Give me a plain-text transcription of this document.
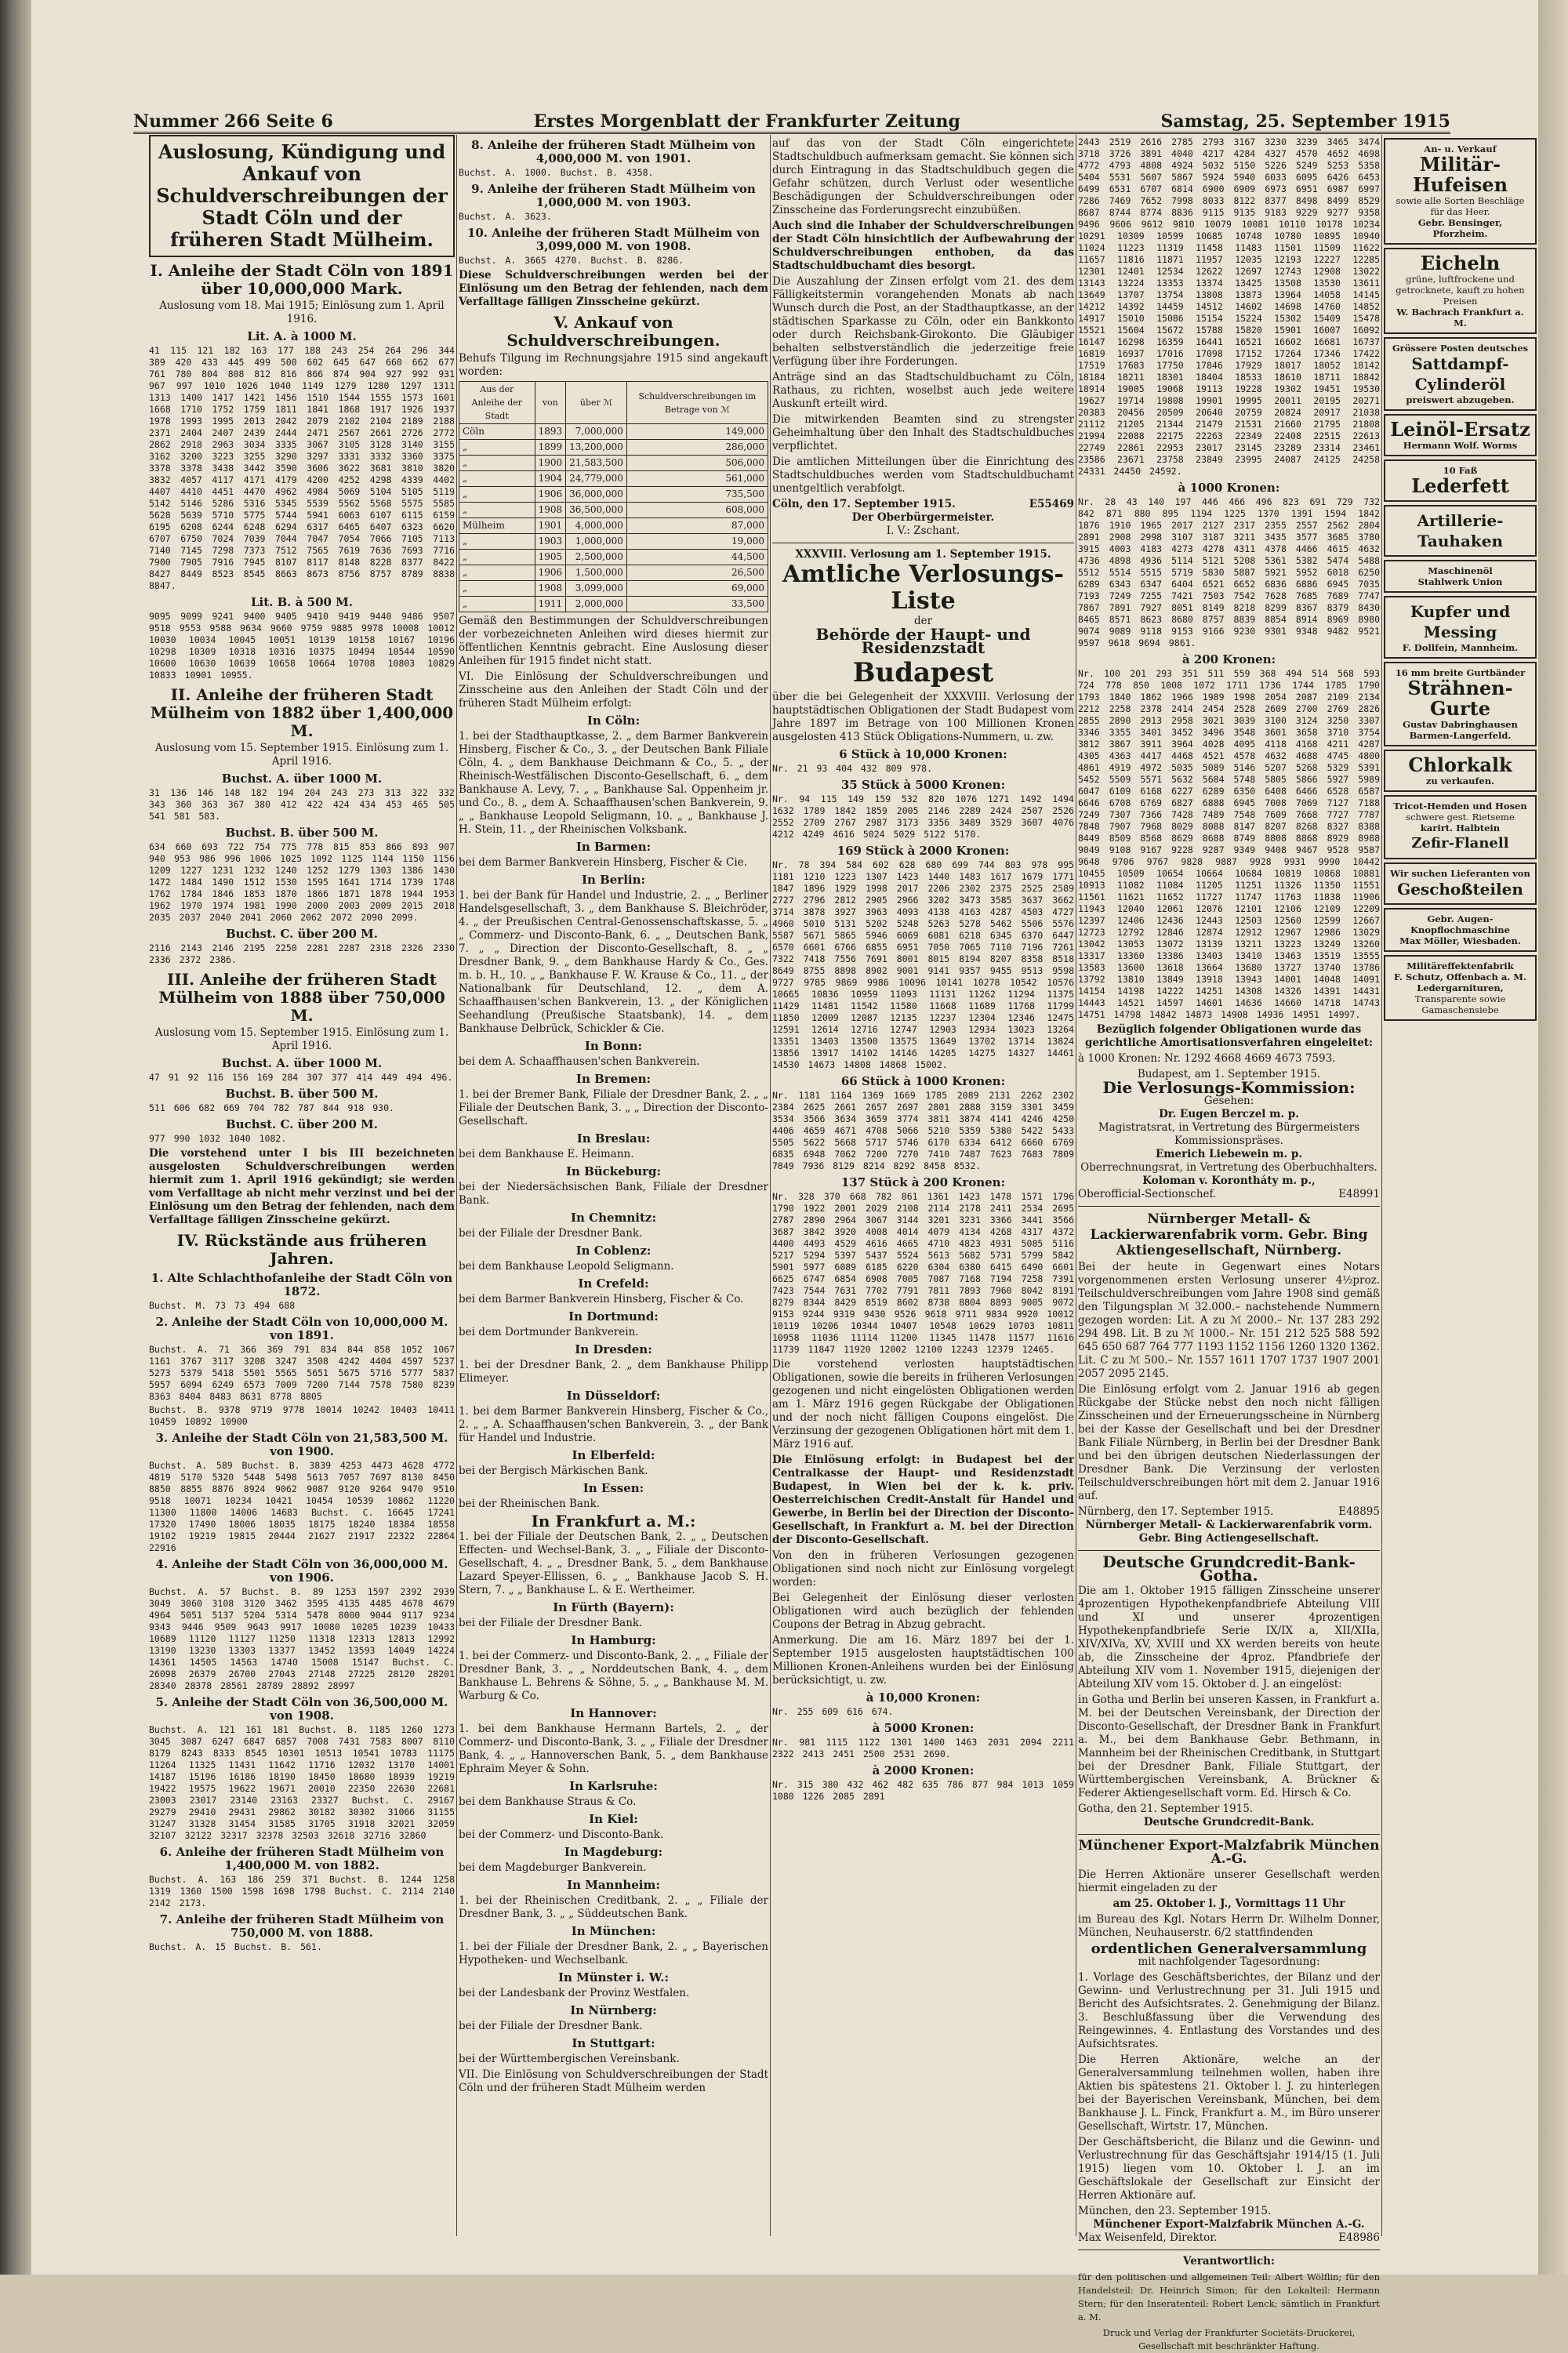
Nummer 266 Seite 6	Erstes Morgenblatt der Frankfurter Zeitung	Samstag, 25. September 1915
Auslosung, Kündigung und Ankauf von Schuldverschreibungen der Stadt Cöln und der früheren Stadt Mülheim.
I. Anleihe der Stadt Cöln von 1891 über 10,000,000 Mark.
Auslosung vom 18. Mai 1915; Einlösung zum 1. April 1916.
Lit. A. à 1000 M.
41 115 121 182 163 177 188 243 254 264 296 344 389 420 433 445 499 500 602 645 647 660 662 677 761 780 804 808 812 816 866 874 904 927 992 931 967 997 1010 1026 1040 1149 1279 1280 1297 1311 1313 1400 1417 1421 1456 1510 1544 1555 1573 1601 1668 1710 1752 1759 1811 1841 1868 1917 1926 1937 1978 1993 1995 2013 2042 2079 2102 2104 2189 2188 2371 2404 2407 2439 2444 2471 2567 2661 2726 2772 2862 2918 2963 3034 3335 3067 3105 3128 3140 3155 3162 3200 3223 3255 3290 3297 3331 3332 3360 3375 3378 3378 3438 3442 3590 3606 3622 3681 3810 3820 3832 4057 4117 4171 4179 4200 4252 4298 4339 4402 4407 4410 4451 4470 4962 4984 5069 5104 5105 5119 5142 5146 5286 5316 5345 5539 5562 5568 5575 5585 5628 5639 5710 5775 5744 5941 6063 6107 6115 6159 6195 6208 6244 6248 6294 6317 6465 6407 6323 6620 6707 6750 7024 7039 7044 7047 7054 7066 7105 7113 7140 7145 7298 7373 7512 7565 7619 7636 7693 7716 7900 7905 7916 7945 8107 8117 8148 8228 8377 8422 8427 8449 8523 8545 8663 8673 8756 8757 8789 8838 8847.
Lit. B. à 500 M.
9095 9099 9241 9400 9405 9410 9419 9440 9486 9507 9518 9553 9588 9634 9660 9759 9885 9978 10008 10012 10030 10034 10045 10051 10139 10158 10167 10196 10298 10309 10318 10316 10375 10494 10544 10590 10600 10630 10639 10658 10664 10708 10803 10829 10833 10901 10955.
II. Anleihe der früheren Stadt Mülheim von 1882 über 1,400,000 M.
Auslosung vom 15. September 1915. Einlösung zum 1. April 1916.
Buchst. A. über 1000 M.
31 136 146 148 182 194 204 243 273 313 322 332 343 360 363 367 380 412 422 424 434 453 465 505 541 581 583.
Buchst. B. über 500 M.
634 660 693 722 754 775 778 815 853 866 893 907 940 953 986 996 1006 1025 1092 1125 1144 1150 1156 1209 1227 1231 1232 1240 1252 1279 1303 1386 1430 1472 1484 1490 1512 1530 1595 1641 1714 1739 1748 1762 1784 1846 1853 1870 1866 1871 1878 1944 1953 1962 1970 1974 1981 1990 2000 2003 2009 2015 2018 2035 2037 2040 2041 2060 2062 2072 2090 2099.
Buchst. C. über 200 M.
2116 2143 2146 2195 2250 2281 2287 2318 2326 2330 2336 2372 2386.
III. Anleihe der früheren Stadt Mülheim von 1888 über 750,000 M.
Auslosung vom 15. September 1915. Einlösung zum 1. April 1916.
Buchst. A. über 1000 M.
47 91 92 116 156 169 284 307 377 414 449 494 496.
Buchst. B. über 500 M.
511 606 682 669 704 782 787 844 918 930.
Buchst. C. über 200 M.
977 990 1032 1040 1082.

Die vorstehend unter I bis III bezeichneten ausgelosten Schuldverschreibungen werden hiermit zum 1. April 1916 gekündigt; sie werden vom Verfalltage ab nicht mehr verzinst und bei der Einlösung um den Betrag der fehlenden, nach dem Verfalltage fälligen Zinsscheine gekürzt.

IV. Rückstände aus früheren Jahren.
1. Alte Schlachthofanleihe der Stadt Cöln von 1872.
Buchst. M. 73 73 494 688
2. Anleihe der Stadt Cöln von 10,000,000 M. von 1891.
Buchst. A. 71 366 369 791 834 844 858 1052 1067 1161 3767 3117 3208 3247 3508 4242 4404 4597 5237 5273 5379 5418 5501 5565 5651 5675 5716 5777 5837 5957 6094 6249 6573 7009 7200 7144 7578 7580 8239 8363 8404 8483 8631 8778 8805
Buchst. B. 9378 9719 9778 10014 10242 10403 10411 10459 10892 10900
3. Anleihe der Stadt Cöln von 21,583,500 M. von 1900.
Buchst. A. 589 Buchst. B. 3839 4253 4473 4628 4772 4819 5170 5320 5448 5498 5613 7057 7697 8130 8450 8850 8855 8876 8924 9062 9087 9120 9264 9470 9510 9518 10071 10234 10421 10454 10539 10862 11220 11300 11800 14006 14683 Buchst. C. 16645 17241 17320 17490 18006 18035 18175 18240 18384 18558 19102 19219 19815 20444 21627 21917 22322 22864 22916
4. Anleihe der Stadt Cöln von 36,000,000 M. von 1906.
Buchst. A. 57 Buchst. B. 89 1253 1597 2392 2939 3049 3060 3108 3120 3462 3595 4135 4485 4678 4679 4964 5051 5137 5204 5314 5478 8000 9044 9117 9234 9343 9446 9509 9643 9917 10080 10205 10239 10433 10689 11120 11127 11250 11318 12313 12813 12992 13190 13230 13303 13377 13452 13593 14049 14224 14361 14505 14563 14740 15008 15147 Buchst. C. 26098 26379 26700 27043 27148 27225 28120 28201 28340 28378 28561 28789 28892 28997
5. Anleihe der Stadt Cöln von 36,500,000 M. von 1908.
Buchst. A. 121 161 181 Buchst. B. 1185 1260 1273 3045 3087 6247 6847 6857 7008 7431 7583 8007 8110 8179 8243 8333 8545 10301 10513 10541 10783 11175 11264 11325 11431 11642 11716 12032 13170 14001 14187 15196 16186 18190 18450 18680 18939 19219 19422 19575 19622 19671 20010 22350 22630 22681 23003 23017 23140 23163 23327 Buchst. C. 29167 29279 29410 29431 29862 30182 30302 31066 31155 31247 31328 31454 31585 31705 31918 32021 32059 32107 32122 32317 32378 32503 32618 32716 32860
6. Anleihe der früheren Stadt Mülheim von 1,400,000 M. von 1882.
Buchst. A. 163 186 259 371 Buchst. B. 1244 1258 1319 1360 1500 1598 1698 1798 Buchst. C. 2114 2140 2142 2173.
7. Anleihe der früheren Stadt Mülheim von 750,000 M. von 1888.
Buchst. A. 15 Buchst. B. 561.
8. Anleihe der früheren Stadt Mülheim von 4,000,000 M. von 1901.
Buchst. A. 1000. Buchst. B. 4358.
9. Anleihe der früheren Stadt Mülheim von 1,000,000 M. von 1903.
Buchst. A. 3623.
10. Anleihe der früheren Stadt Mülheim von 3,099,000 M. von 1908.
Buchst. A. 3665 4270. Buchst. B. 8286.

Diese Schuldverschreibungen werden bei der Einlösung um den Betrag der fehlenden, nach dem Verfalltage fälligen Zinsscheine gekürzt.

V. Ankauf von Schuldverschreibungen.

Behufs Tilgung im Rechnungsjahre 1915 sind angekauft worden:

Aus der Anleihe der Stadt	von	über ℳ	Schuldverschreibungen im Betrage von ℳ
Cöln	1893	7,000,000	149,000
„	1899	13,200,000	286,000
„	1900	21,583,500	506,000
„	1904	24,779,000	561,000
„	1906	36,000,000	735,500
„	1908	36,500,000	608,000
Mülheim	1901	4,000,000	87,000
„	1903	1,000,000	19,000
„	1905	2,500,000	44,500
„	1906	1,500,000	26,500
„	1908	3,099,000	69,000
„	1911	2,000,000	33,500

Gemäß den Bestimmungen der Schuldverschreibungen der vorbezeichneten Anleihen wird dieses hiermit zur öffentlichen Kenntnis gebracht. Eine Auslosung dieser Anleihen für 1915 findet nicht statt.

VI. Die Einlösung der Schuldverschreibungen und Zinsscheine aus den Anleihen der Stadt Cöln und der früheren Stadt Mülheim erfolgt:

In Cöln:

1. bei der Stadthauptkasse, 2. „ dem Barmer Bankverein Hinsberg, Fischer & Co., 3. „ der Deutschen Bank Filiale Cöln, 4. „ dem Bankhause Deichmann & Co., 5. „ der Rheinisch-Westfälischen Disconto-Gesellschaft, 6. „ dem Bankhause A. Levy, 7. „ „ Bankhause Sal. Oppenheim jr. und Co., 8. „ dem A. Schaaffhausen'schen Bankverein, 9. „ „ Bankhause Leopold Seligmann, 10. „ „ Bankhause J. H. Stein, 11. „ der Rheinischen Volksbank.

In Barmen:

bei dem Barmer Bankverein Hinsberg, Fischer & Cie.

In Berlin:

1. bei der Bank für Handel und Industrie, 2. „ „ Berliner Handelsgesellschaft, 3. „ dem Bankhause S. Bleichröder, 4. „ der Preußischen Central-Genossenschaftskasse, 5. „ „ Commerz- und Disconto-Bank, 6. „ „ Deutschen Bank, 7. „ „ Direction der Disconto-Gesellschaft, 8. „ „ Dresdner Bank, 9. „ dem Bankhause Hardy & Co., Ges. m. b. H., 10. „ „ Bankhause F. W. Krause & Co., 11. „ der Nationalbank für Deutschland, 12. „ dem A. Schaaffhausen'schen Bankverein, 13. „ der Königlichen Seehandlung (Preußische Staatsbank), 14. „ dem Bankhause Delbrück, Schickler & Cie.

In Bonn:

bei dem A. Schaaffhausen'schen Bankverein.

In Bremen:

1. bei der Bremer Bank, Filiale der Dresdner Bank, 2. „ „ Filiale der Deutschen Bank, 3. „ „ Direction der Disconto-Gesellschaft.

In Breslau:

bei dem Bankhause E. Heimann.

In Bückeburg:

bei der Niedersächsischen Bank, Filiale der Dresdner Bank.

In Chemnitz:

bei der Filiale der Dresdner Bank.

In Coblenz:

bei dem Bankhause Leopold Seligmann.

In Crefeld:

bei dem Barmer Bankverein Hinsberg, Fischer & Co.

In Dortmund:

bei dem Dortmunder Bankverein.

In Dresden:

1. bei der Dresdner Bank, 2. „ dem Bankhause Philipp Elimeyer.

In Düsseldorf:

1. bei dem Barmer Bankverein Hinsberg, Fischer & Co., 2. „ „ A. Schaaffhausen'schen Bankverein, 3. „ der Bank für Handel und Industrie.

In Elberfeld:

bei der Bergisch Märkischen Bank.

In Essen:

bei der Rheinischen Bank.

In Frankfurt a. M.:

1. bei der Filiale der Deutschen Bank, 2. „ „ Deutschen Effecten- und Wechsel-Bank, 3. „ „ Filiale der Disconto-Gesellschaft, 4. „ „ Dresdner Bank, 5. „ dem Bankhause Lazard Speyer-Ellissen, 6. „ „ Bankhause Jacob S. H. Stern, 7. „ „ Bankhause L. & E. Wertheimer.

In Fürth (Bayern):

bei der Filiale der Dresdner Bank.

In Hamburg:

1. bei der Commerz- und Disconto-Bank, 2. „ „ Filiale der Dresdner Bank, 3. „ „ Norddeutschen Bank, 4. „ dem Bankhause L. Behrens & Söhne, 5. „ „ Bankhause M. M. Warburg & Co.

In Hannover:

1. bei dem Bankhause Hermann Bartels, 2. „ der Commerz- und Disconto-Bank, 3. „ „ Filiale der Dresdner Bank, 4. „ „ Hannoverschen Bank, 5. „ dem Bankhause Ephraim Meyer & Sohn.

In Karlsruhe:

bei dem Bankhause Straus & Co.

In Kiel:

bei der Commerz- und Disconto-Bank.

In Magdeburg:

bei dem Magdeburger Bankverein.

In Mannheim:

1. bei der Rheinischen Creditbank, 2. „ „ Filiale der Dresdner Bank, 3. „ „ Süddeutschen Bank.

In München:

1. bei der Filiale der Dresdner Bank, 2. „ „ Bayerischen Hypotheken- und Wechselbank.

In Münster i. W.:

bei der Landesbank der Provinz Westfalen.

In Nürnberg:

bei der Filiale der Dresdner Bank.

In Stuttgart:

bei der Württembergischen Vereinsbank.

VII. Die Einlösung von Schuldverschreibungen der Stadt Cöln und der früheren Stadt Mülheim werden

auf das von der Stadt Cöln eingerichtete Stadtschuldbuch aufmerksam gemacht. Sie können sich durch Eintragung in das Stadtschuldbuch gegen die Gefahr schützen, durch Verlust oder wesentliche Beschädigungen der Schuldverschreibungen oder Zinsscheine das Forderungsrecht einzubüßen.

Auch sind die Inhaber der Schuldverschreibungen der Stadt Cöln hinsichtlich der Aufbewahrung der Schuldverschreibungen enthoben, da das Stadtschuldbuchamt dies besorgt.

Die Auszahlung der Zinsen erfolgt vom 21. des dem Fälligkeitstermin vorangehenden Monats ab nach Wunsch durch die Post, an der Stadthauptkasse, an der städtischen Sparkasse zu Cöln, oder ein Bankkonto oder durch Reichsbank-Girokonto. Die Gläubiger behalten selbstverständlich die jederzeitige freie Verfügung über ihre Forderungen.

Anträge sind an das Stadtschuldbuchamt zu Cöln, Rathaus, zu richten, woselbst auch jede weitere Auskunft erteilt wird.

Die mitwirkenden Beamten sind zu strengster Geheimhaltung über den Inhalt des Stadtschuldbuches verpflichtet.

Die amtlichen Mitteilungen über die Einrichtung des Stadtschuldbuches werden vom Stadtschuldbuchamt unentgeltlich verabfolgt.

Cöln, den 17. September 1915.	E55469
Der Oberbürgermeister.
I. V.: Zschant.
XXXVIII. Verlosung am 1. September 1915.
Amtliche Verlosungs-Liste
der
Behörde der Haupt- und Residenzstadt
Budapest

über die bei Gelegenheit der XXXVIII. Verlosung der hauptstädtischen Obligationen der Stadt Budapest vom Jahre 1897 im Betrage von 100 Millionen Kronen ausgelosten 413 Stück Obligations-Nummern, u. zw.

6 Stück à 10,000 Kronen:
Nr. 21 93 404 432 809 978.
35 Stück à 5000 Kronen:
Nr. 94 115 149 159 532 820 1076 1271 1492 1494 1632 1789 1842 1859 2005 2146 2289 2424 2507 2526 2552 2709 2767 2987 3173 3356 3489 3529 3607 4076 4212 4249 4616 5024 5029 5122 5170.
169 Stück à 2000 Kronen:
Nr. 78 394 584 602 628 680 699 744 803 978 995 1181 1210 1223 1307 1423 1440 1483 1617 1679 1771 1847 1896 1929 1998 2017 2206 2302 2375 2525 2589 2727 2796 2812 2905 2966 3202 3473 3585 3637 3662 3714 3878 3927 3963 4093 4138 4163 4287 4503 4727 4960 5010 5131 5202 5248 5263 5278 5462 5506 5576 5587 5671 5865 5946 6069 6081 6218 6345 6370 6447 6570 6601 6766 6855 6951 7050 7065 7110 7196 7261 7322 7418 7556 7691 8001 8015 8194 8207 8358 8518 8649 8755 8898 8902 9001 9141 9357 9455 9513 9598 9727 9785 9869 9986 10096 10141 10278 10542 10576 10665 10836 10959 11093 11131 11262 11294 11375 11429 11481 11542 11580 11668 11689 11768 11799 11850 12009 12087 12135 12237 12304 12346 12475 12591 12614 12716 12747 12903 12934 13023 13264 13351 13403 13500 13575 13649 13702 13714 13824 13856 13917 14102 14146 14205 14275 14327 14461 14530 14673 14808 14868 15002.
66 Stück à 1000 Kronen:
Nr. 1181 1164 1369 1669 1785 2089 2131 2262 2302 2384 2625 2661 2657 2697 2801 2888 3159 3301 3459 3534 3566 3634 3659 3774 3811 3874 4141 4246 4250 4406 4659 4671 4708 5066 5210 5359 5380 5422 5433 5505 5622 5668 5717 5746 6170 6334 6412 6660 6769 6835 6948 7062 7200 7270 7410 7487 7623 7683 7809 7849 7936 8129 8214 8292 8458 8532.
137 Stück à 200 Kronen:
Nr. 328 370 668 782 861 1361 1423 1478 1571 1796 1790 1922 2001 2029 2108 2114 2178 2411 2534 2695 2787 2890 2964 3067 3144 3201 3231 3366 3441 3566 3687 3842 3920 4008 4014 4079 4134 4268 4317 4372 4400 4493 4529 4616 4665 4710 4823 4931 5085 5116 5217 5294 5397 5437 5524 5613 5682 5731 5799 5842 5901 5977 6089 6185 6220 6304 6380 6415 6490 6601 6625 6747 6854 6908 7005 7087 7168 7194 7258 7391 7423 7544 7631 7702 7791 7811 7893 7960 8042 8191 8279 8344 8429 8519 8602 8738 8804 8893 9005 9072 9153 9244 9319 9430 9526 9618 9711 9834 9920 10012 10119 10206 10344 10407 10548 10629 10703 10811 10958 11036 11114 11200 11345 11478 11577 11616 11739 11847 11920 12002 12100 12243 12379 12465.

Die vorstehend verlosten hauptstädtischen Obligationen, sowie die bereits in früheren Verlosungen gezogenen und nicht eingelösten Obligationen werden am 1. März 1916 gegen Rückgabe der Obligationen und der noch nicht fälligen Coupons eingelöst. Die Verzinsung der gezogenen Obligationen hört mit dem 1. März 1916 auf.

Die Einlösung erfolgt: in Budapest bei der Centralkasse der Haupt- und Residenzstadt Budapest, in Wien bei der k. k. priv. Oesterreichischen Credit-Anstalt für Handel und Gewerbe, in Berlin bei der Direction der Disconto-Gesellschaft, in Frankfurt a. M. bei der Direction der Disconto-Gesellschaft.

Von den in früheren Verlosungen gezogenen Obligationen sind noch nicht zur Einlösung vorgelegt worden:

Bei Gelegenheit der Einlösung dieser verlosten Obligationen wird auch bezüglich der fehlenden Coupons der Betrag in Abzug gebracht.

Anmerkung. Die am 16. März 1897 bei der 1. September 1915 ausgelosten hauptstädtischen 100 Millionen Kronen-Anleihens wurden bei der Einlösung berücksichtigt, u. zw.

à 10,000 Kronen:
Nr. 255 609 616 674.
à 5000 Kronen:
Nr. 981 1115 1122 1301 1400 1463 2031 2094 2211 2322 2413 2451 2500 2531 2690.
à 2000 Kronen:
Nr. 315 380 432 462 482 635 786 877 984 1013 1059 1080 1226 2085 2891
2443 2519 2616 2785 2793 3167 3230 3239 3465 3474 3718 3726 3891 4040 4217 4284 4327 4570 4652 4698 4772 4793 4808 4924 5032 5150 5226 5249 5253 5358 5404 5531 5607 5867 5924 5940 6033 6095 6426 6453 6499 6531 6707 6814 6900 6909 6973 6951 6987 6997 7286 7469 7652 7998 8033 8122 8377 8498 8499 8529 8687 8744 8774 8836 9115 9135 9183 9229 9277 9358 9496 9606 9612 9810 10079 10081 10110 10178 10234 10291 10309 10599 10685 10748 10780 10895 10940 11024 11223 11319 11458 11483 11501 11509 11622 11657 11816 11871 11957 12035 12193 12227 12285 12301 12401 12534 12622 12697 12743 12908 13022 13143 13224 13353 13374 13425 13508 13530 13611 13649 13707 13754 13808 13873 13964 14058 14145 14212 14392 14459 14512 14602 14698 14760 14852 14917 15010 15086 15154 15224 15302 15409 15478 15521 15604 15672 15788 15820 15901 16007 16092 16147 16298 16359 16441 16521 16602 16681 16737 16819 16937 17016 17098 17152 17264 17346 17422 17519 17683 17750 17846 17929 18017 18052 18142 18184 18211 18301 18404 18533 18610 18711 18842 18914 19005 19068 19113 19228 19302 19451 19530 19627 19714 19808 19901 19995 20011 20195 20271 20383 20456 20509 20640 20759 20824 20917 21038 21112 21205 21344 21479 21531 21660 21795 21808 21994 22088 22175 22263 22349 22408 22515 22613 22749 22861 22953 23017 23145 23289 23314 23461 23586 23671 23758 23849 23995 24087 24125 24258 24331 24450 24592.
à 1000 Kronen:
Nr. 28 43 140 197 446 466 496 823 691 729 732 842 871 880 895 1194 1225 1370 1391 1594 1842 1876 1910 1965 2017 2127 2317 2355 2557 2562 2804 2891 2908 2998 3107 3187 3211 3435 3577 3685 3780 3915 4003 4183 4273 4278 4311 4378 4466 4615 4632 4736 4898 4936 5114 5121 5208 5361 5382 5474 5488 5512 5514 5515 5719 5830 5887 5921 5952 6018 6250 6289 6343 6347 6404 6521 6652 6836 6886 6945 7035 7193 7249 7255 7421 7503 7542 7628 7685 7689 7747 7867 7891 7927 8051 8149 8218 8299 8367 8379 8430 8465 8571 8623 8680 8757 8839 8854 8914 8969 8980 9074 9089 9118 9153 9166 9230 9301 9348 9482 9521 9597 9618 9694 9861.
à 200 Kronen:
Nr. 100 201 293 351 511 559 368 494 514 568 593 724 778 850 1008 1072 1711 1736 1744 1785 1790 1793 1840 1862 1966 1989 1998 2054 2087 2109 2134 2212 2258 2378 2414 2454 2528 2609 2700 2769 2826 2855 2890 2913 2958 3021 3039 3100 3124 3250 3307 3346 3355 3401 3452 3496 3548 3601 3658 3710 3754 3812 3867 3911 3964 4028 4095 4118 4168 4211 4287 4305 4363 4417 4468 4521 4578 4632 4688 4745 4800 4861 4919 4972 5035 5089 5146 5207 5268 5329 5391 5452 5509 5571 5632 5684 5748 5805 5866 5927 5989 6047 6109 6168 6227 6289 6350 6408 6466 6528 6587 6646 6708 6769 6827 6888 6945 7008 7069 7127 7188 7249 7307 7366 7428 7489 7548 7609 7668 7727 7787 7848 7907 7968 8029 8088 8147 8207 8268 8327 8388 8449 8509 8568 8629 8688 8749 8808 8868 8929 8988 9049 9108 9167 9228 9287 9349 9408 9467 9528 9587 9648 9706 9767 9828 9887 9928 9931 9990 10442 10455 10509 10654 10664 10684 10819 10868 10881 10913 11082 11084 11205 11251 11326 11350 11551 11561 11621 11652 11727 11747 11763 11838 11906 11943 12040 12061 12076 12101 12106 12109 12209 12397 12406 12436 12443 12503 12560 12599 12667 12723 12792 12846 12874 12912 12967 12986 13029 13042 13053 13072 13139 13211 13223 13249 13260 13317 13360 13386 13403 13410 13463 13519 13555 13583 13600 13618 13664 13680 13727 13740 13786 13792 13810 13849 13918 13943 14001 14048 14091 14154 14198 14222 14251 14308 14326 14391 14431 14443 14521 14597 14601 14636 14660 14718 14743 14751 14798 14842 14873 14908 14936 14951 14997.

Bezüglich folgender Obligationen wurde das gerichtliche Amortisationsverfahren eingeleitet:

à 1000 Kronen: Nr. 1292 4668 4669 4673 7593.

Budapest, am 1. September 1915.
Die Verlosungs-Kommission:
Gesehen:
Dr. Eugen Berczel m. p.
Magistratsrat, in Vertretung des Bürgermeisters Kommissionspräses.
Emerich Liebewein m. p.
Oberrechnungsrat, in Vertretung des Oberbuchhalters.
Koloman v. Korontháty m. p.,
Oberofficial-Sectionschef.	E48991
Nürnberger Metall- & Lackierwarenfabrik vorm. Gebr. Bing Aktiengesellschaft, Nürnberg.

Bei der heute in Gegenwart eines Notars vorgenommenen ersten Verlosung unserer 4½proz. Teilschuldverschreibungen vom Jahre 1908 sind gemäß den Tilgungsplan ℳ 32.000.– nachstehende Nummern gezogen worden: Lit. A zu ℳ 2000.– Nr. 137 283 292 294 498. Lit. B zu ℳ 1000.– Nr. 151 212 525 588 592 645 650 687 764 777 1193 1152 1156 1260 1320 1362. Lit. C zu ℳ 500.– Nr. 1557 1611 1707 1737 1907 2001 2057 2095 2145.

Die Einlösung erfolgt vom 2. Januar 1916 ab gegen Rückgabe der Stücke nebst den noch nicht fälligen Zinsscheinen und der Erneuerungsscheine in Nürnberg bei der Kasse der Gesellschaft und bei der Dresdner Bank Filiale Nürnberg, in Berlin bei der Dresdner Bank und bei den übrigen deutschen Niederlassungen der Dresdner Bank. Die Verzinsung der verlosten Teilschuldverschreibungen hört mit dem 2. Januar 1916 auf.

Nürnberg, den 17. September 1915.	E48895
Nürnberger Metall- & Lackierwarenfabrik vorm. Gebr. Bing Actiengesellschaft.
Deutsche Grundcredit-Bank-Gotha.

Die am 1. Oktober 1915 fälligen Zinsscheine unserer 4prozentigen Hypothekenpfandbriefe Abteilung VIII und XI und unserer 4prozentigen Hypothekenpfandbriefe Serie IX/IX a, XII/XIIa, XIV/XIVa, XV, XVIII und XX werden bereits von heute ab, die Zinsscheine der 4proz. Pfandbriefe der Abteilung XIV vom 1. November 1915, diejenigen der Abteilung XIV vom 15. Oktober d. J. an eingelöst:

in Gotha und Berlin bei unseren Kassen, in Frankfurt a. M. bei der Deutschen Vereinsbank, der Direction der Disconto-Gesellschaft, der Dresdner Bank in Frankfurt a. M., bei dem Bankhause Gebr. Bethmann, in Mannheim bei der Rheinischen Creditbank, in Stuttgart bei der Dresdner Bank, Filiale Stuttgart, der Württembergischen Vereinsbank, A. Brückner & Federer Aktiengesellschaft vorm. Ed. Hirsch & Co.

Gotha, den 21. September 1915.
Deutsche Grundcredit-Bank.
Münchener Export-Malzfabrik München A.-G.

Die Herren Aktionäre unserer Gesellschaft werden hiermit eingeladen zu der

am 25. Oktober l. J., Vormittags 11 Uhr

im Bureau des Kgl. Notars Herrn Dr. Wilhelm Donner, München, Neuhauserstr. 6/2 stattfindenden

ordentlichen Generalversammlung
mit nachfolgender Tagesordnung:

1. Vorlage des Geschäftsberichtes, der Bilanz und der Gewinn- und Verlustrechnung per 31. Juli 1915 und Bericht des Aufsichtsrates. 2. Genehmigung der Bilanz. 3. Beschlußfassung über die Verwendung des Reingewinnes. 4. Entlastung des Vorstandes und des Aufsichtsrates.

Die Herren Aktionäre, welche an der Generalversammlung teilnehmen wollen, haben ihre Aktien bis spätestens 21. Oktober l. J. zu hinterlegen bei der Bayerischen Vereinsbank, München, bei dem Bankhause J. L. Finck, Frankfurt a. M., im Büro unserer Gesellschaft, Wirtstr. 17, München.

Der Geschäftsbericht, die Bilanz und die Gewinn- und Verlustrechnung für das Geschäftsjahr 1914/15 (1. Juli 1915) liegen vom 10. Oktober l. J. an im Geschäftslokale der Gesellschaft zur Einsicht der Herren Aktionäre auf.

München, den 23. September 1915.
Münchener Export-Malzfabrik München A.-G.
Max Weisenfeld, Direktor.	E48986
Verantwortlich:

für den politischen und allgemeinen Teil: Albert Wölflin; für den Handelsteil: Dr. Heinrich Simon; für den Lokalteil: Hermann Stern; für den Inseratenteil: Robert Lenck; sämtlich in Frankfurt a. M.

Druck und Verlag der Frankfurter Societäts-Druckerei, Gesellschaft mit beschränkter Haftung.

An- u. Verkauf
Militär-Hufeisen
sowie alle Sorten Beschläge für das Heer.
Gebr. Bensinger, Pforzheim.
Eicheln
grüne, luftfrockene und getrocknete, kauft zu hohen Preisen
W. Bachrach Frankfurt a. M.
Grössere Posten deutsches
Sattdampf-Cylinderöl
preiswert abzugeben.
Leinöl-Ersatz
Hermann Wolf. Worms
10 Faß
Lederfett
Artillerie-Tauhaken
Maschinenöl
Stahlwerk Union
Kupfer und Messing
F. Dollfein, Mannheim.
16 mm breite Gurtbänder
Strähnen-Gurte
Gustav Dabringhausen Barmen-Langerfeld.
Chlorkalk
zu verkaufen.
Tricot-Hemden und Hosen
schwere gest. Rietseme
karirt. Halbtein
Zefir-Flanell
Wir suchen Lieferanten von
Geschoßteilen
Gebr. Augen-Knopflochmaschine
Max Möller, Wiesbaden.
Militäreffektenfabrik
F. Schutz, Offenbach a. M.
Ledergarnituren,
Transparente sowie Gamaschensiebe
